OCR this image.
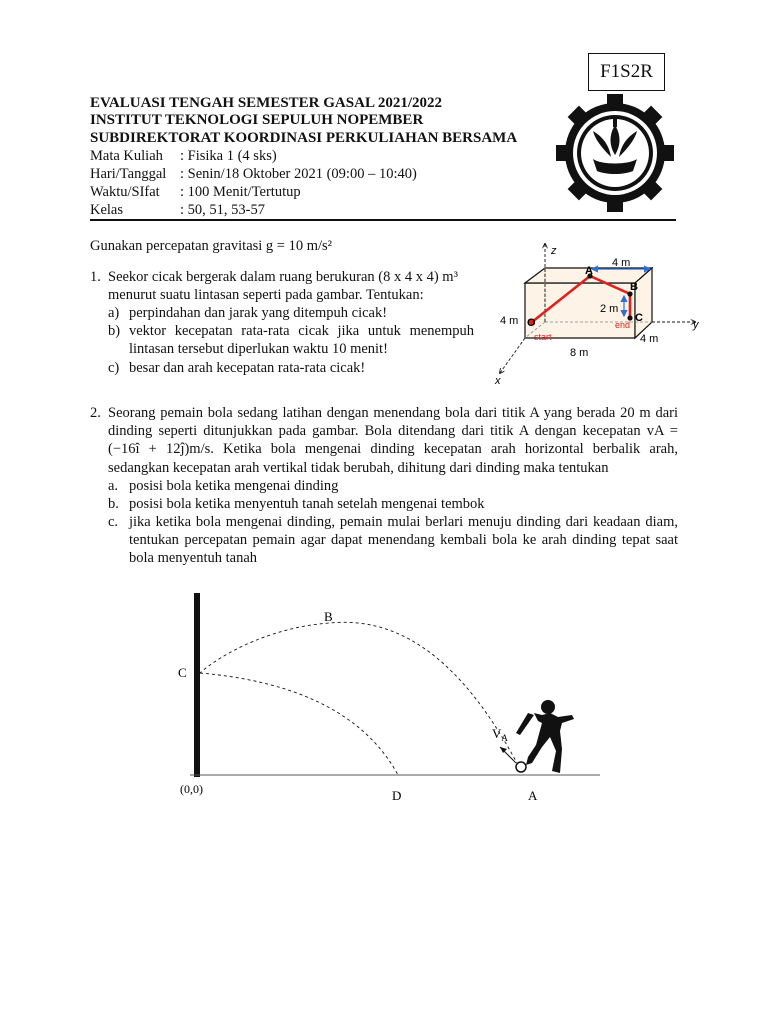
F1S2R
EVALUASI TENGAH SEMESTER GASAL 2021/2022
INSTITUT TEKNOLOGI SEPULUH NOPEMBER
SUBDIREKTORAT KOORDINASI PERKULIAHAN BERSAMA
Mata Kuliah : Fisika 1 (4 sks)
Hari/Tanggal : Senin/18 Oktober 2021 (09:00 – 10:40)
Waktu/SIfat : 100 Menit/Tertutup
Kelas	: 50, 51, 53-57
Gunakan percepatan gravitasi g = 10 m/s²
1. Seekor cicak bergerak dalam ruang berukuran (8 x 4 x 4) m³
menurut suatu lintasan seperti pada gambar. Tentukan:
a) perpindahan dan jarak yang ditempuh cicak!
b) vektor kecepatan rata-rata cicak jika untuk menempuh
lintasan tersebut diperlukan waktu 10 menit!
c) besar dan arah kecepatan rata-rata cicak!
z
y
x
4 m
4 m
2 m
4 m
8 m
A
B
C
O
start
end
2. Seorang pemain bola sedang latihan dengan menendang bola dari titik A yang berada 20 m dari
dinding seperti ditunjukkan pada gambar. Bola ditendang dari titik A dengan kecepatan vA =
(−16î + 12ĵ)m/s. Ketika bola mengenai dinding kecepatan arah horizontal berbalik arah,
sedangkan kecepatan arah vertikal tidak berubah, dihitung dari dinding maka tentukan
a. posisi bola ketika mengenai dinding
b. posisi bola ketika menyentuh tanah setelah mengenai tembok
c. jika ketika bola mengenai dinding, pemain mulai berlari menuju dinding dari keadaan diam,
tentukan percepatan pemain agar dapat menendang kembali bola ke arah dinding tepat saat
bola menyentuh tanah
B
C
D	A
(0,0)
$V_A$
